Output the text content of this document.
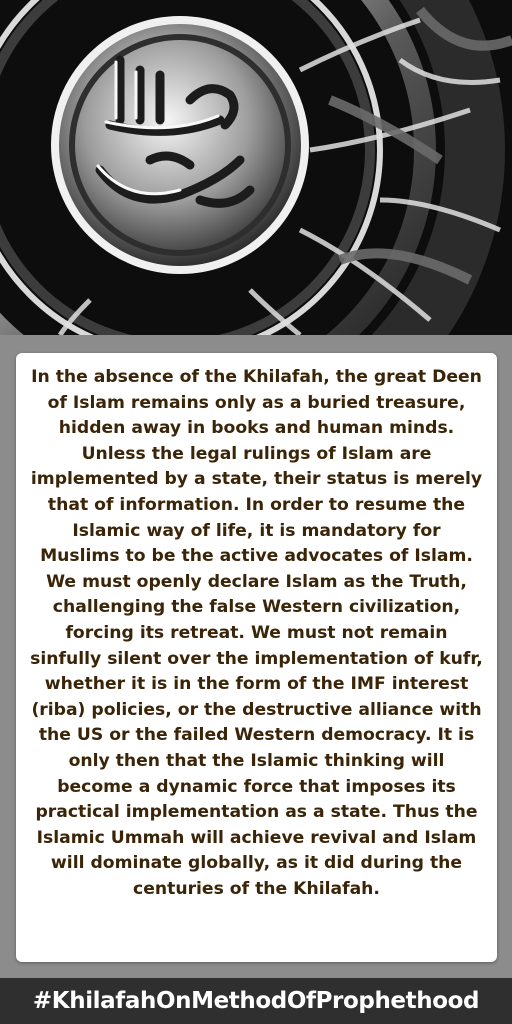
In the absence of the Khilafah, the great Deen of Islam remains only as a buried treasure, hidden away in books and human minds. Unless the legal rulings of Islam are implemented by a state, their status is merely that of information. In order to resume the Islamic way of life, it is mandatory for Muslims to be the active advocates of Islam. We must openly declare Islam as the Truth, challenging the false Western civilization, forcing its retreat. We must not remain sinfully silent over the implementation of kufr, whether it is in the form of the IMF interest (riba) policies, or the destructive alliance with the US or the failed Western democracy. It is only then that the Islamic thinking will become a dynamic force that imposes its practical implementation as a state. Thus the Islamic Ummah will achieve revival and Islam will dominate globally, as it did during the centuries of the Khilafah.

#KhilafahOnMethodOfProphethood
